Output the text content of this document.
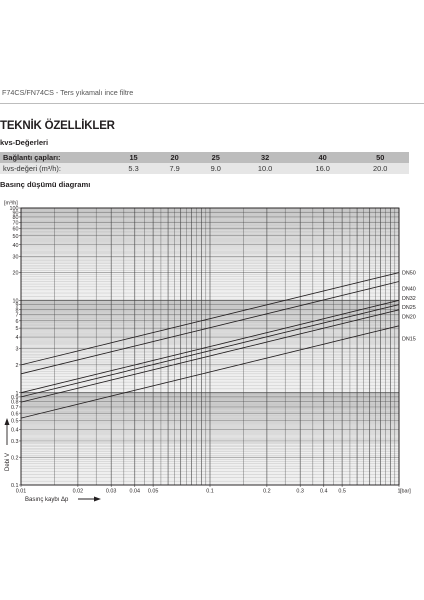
F74CS/FN74CS - Ters yıkamalı ince filtre
TEKNİK ÖZELLİKLER
kvs-Değerleri
Bağlantı çapları:	15	20	25	32	40	50
kvs-değeri (m³/h):	5.3	7.9	9.0	10.0	16.0	20.0
Basınç düşümü diagramı
100
90
80
70
60
50
40
30
20
10
9
8
7
6
5
4
3
2
1
0.9
0.8
0.7
0.6
0.5
0.4
0.3
0.2
0.1
0.01	0.02	0.03 0.04 0.05	0.1	0.2	0.3	0.4 0.5	1
[m³/h]
[bar]
Debi V
Basınç kaybı Δp
DN50
DN40
DN32
DN25
DN20
DN15
